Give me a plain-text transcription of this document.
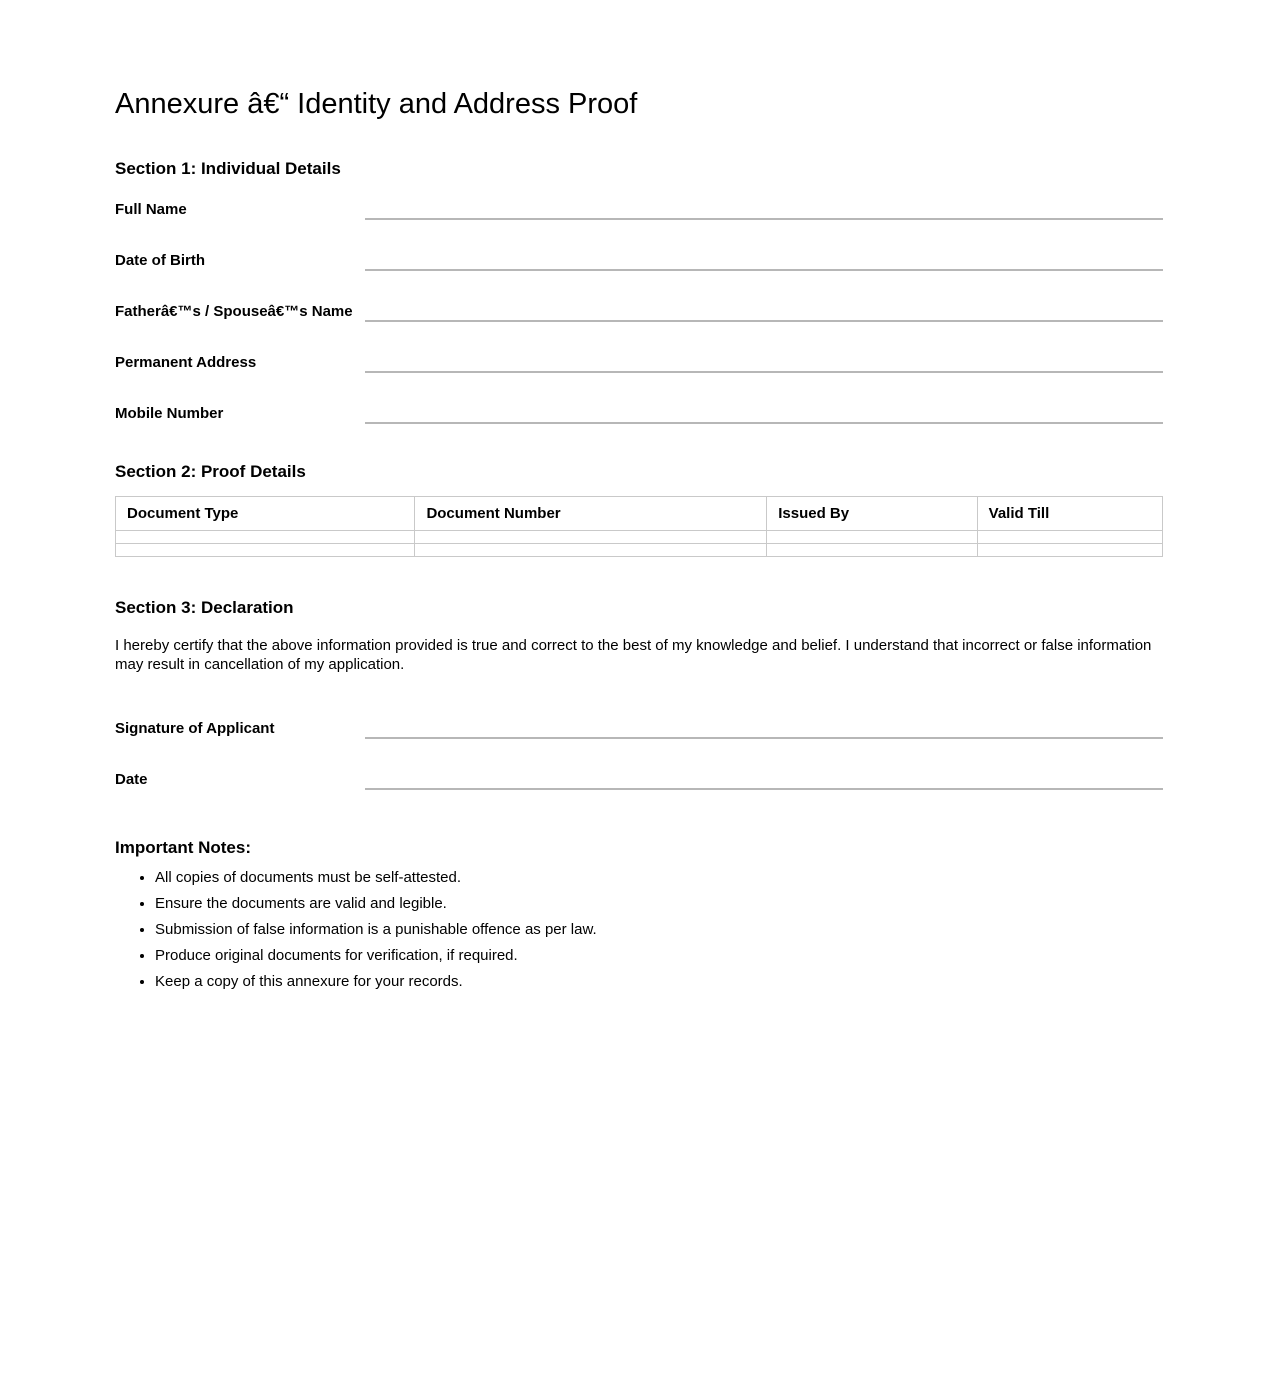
Annexure â€“ Identity and Address Proof
Section 1: Individual Details
Full Name
Date of Birth
Fatherâ€™s / Spouseâ€™s Name
Permanent Address
Mobile Number
Section 2: Proof Details
Document Type	Document Number	Issued By	Valid Till

Section 3: Declaration

I hereby certify that the above information provided is true and correct to the best of my knowledge and belief. I understand that incorrect or false information may result in cancellation of my application.

Signature of Applicant
Date
Important Notes:
• All copies of documents must be self-attested.
• Ensure the documents are valid and legible.
• Submission of false information is a punishable offence as per law.
• Produce original documents for verification, if required.
• Keep a copy of this annexure for your records.
